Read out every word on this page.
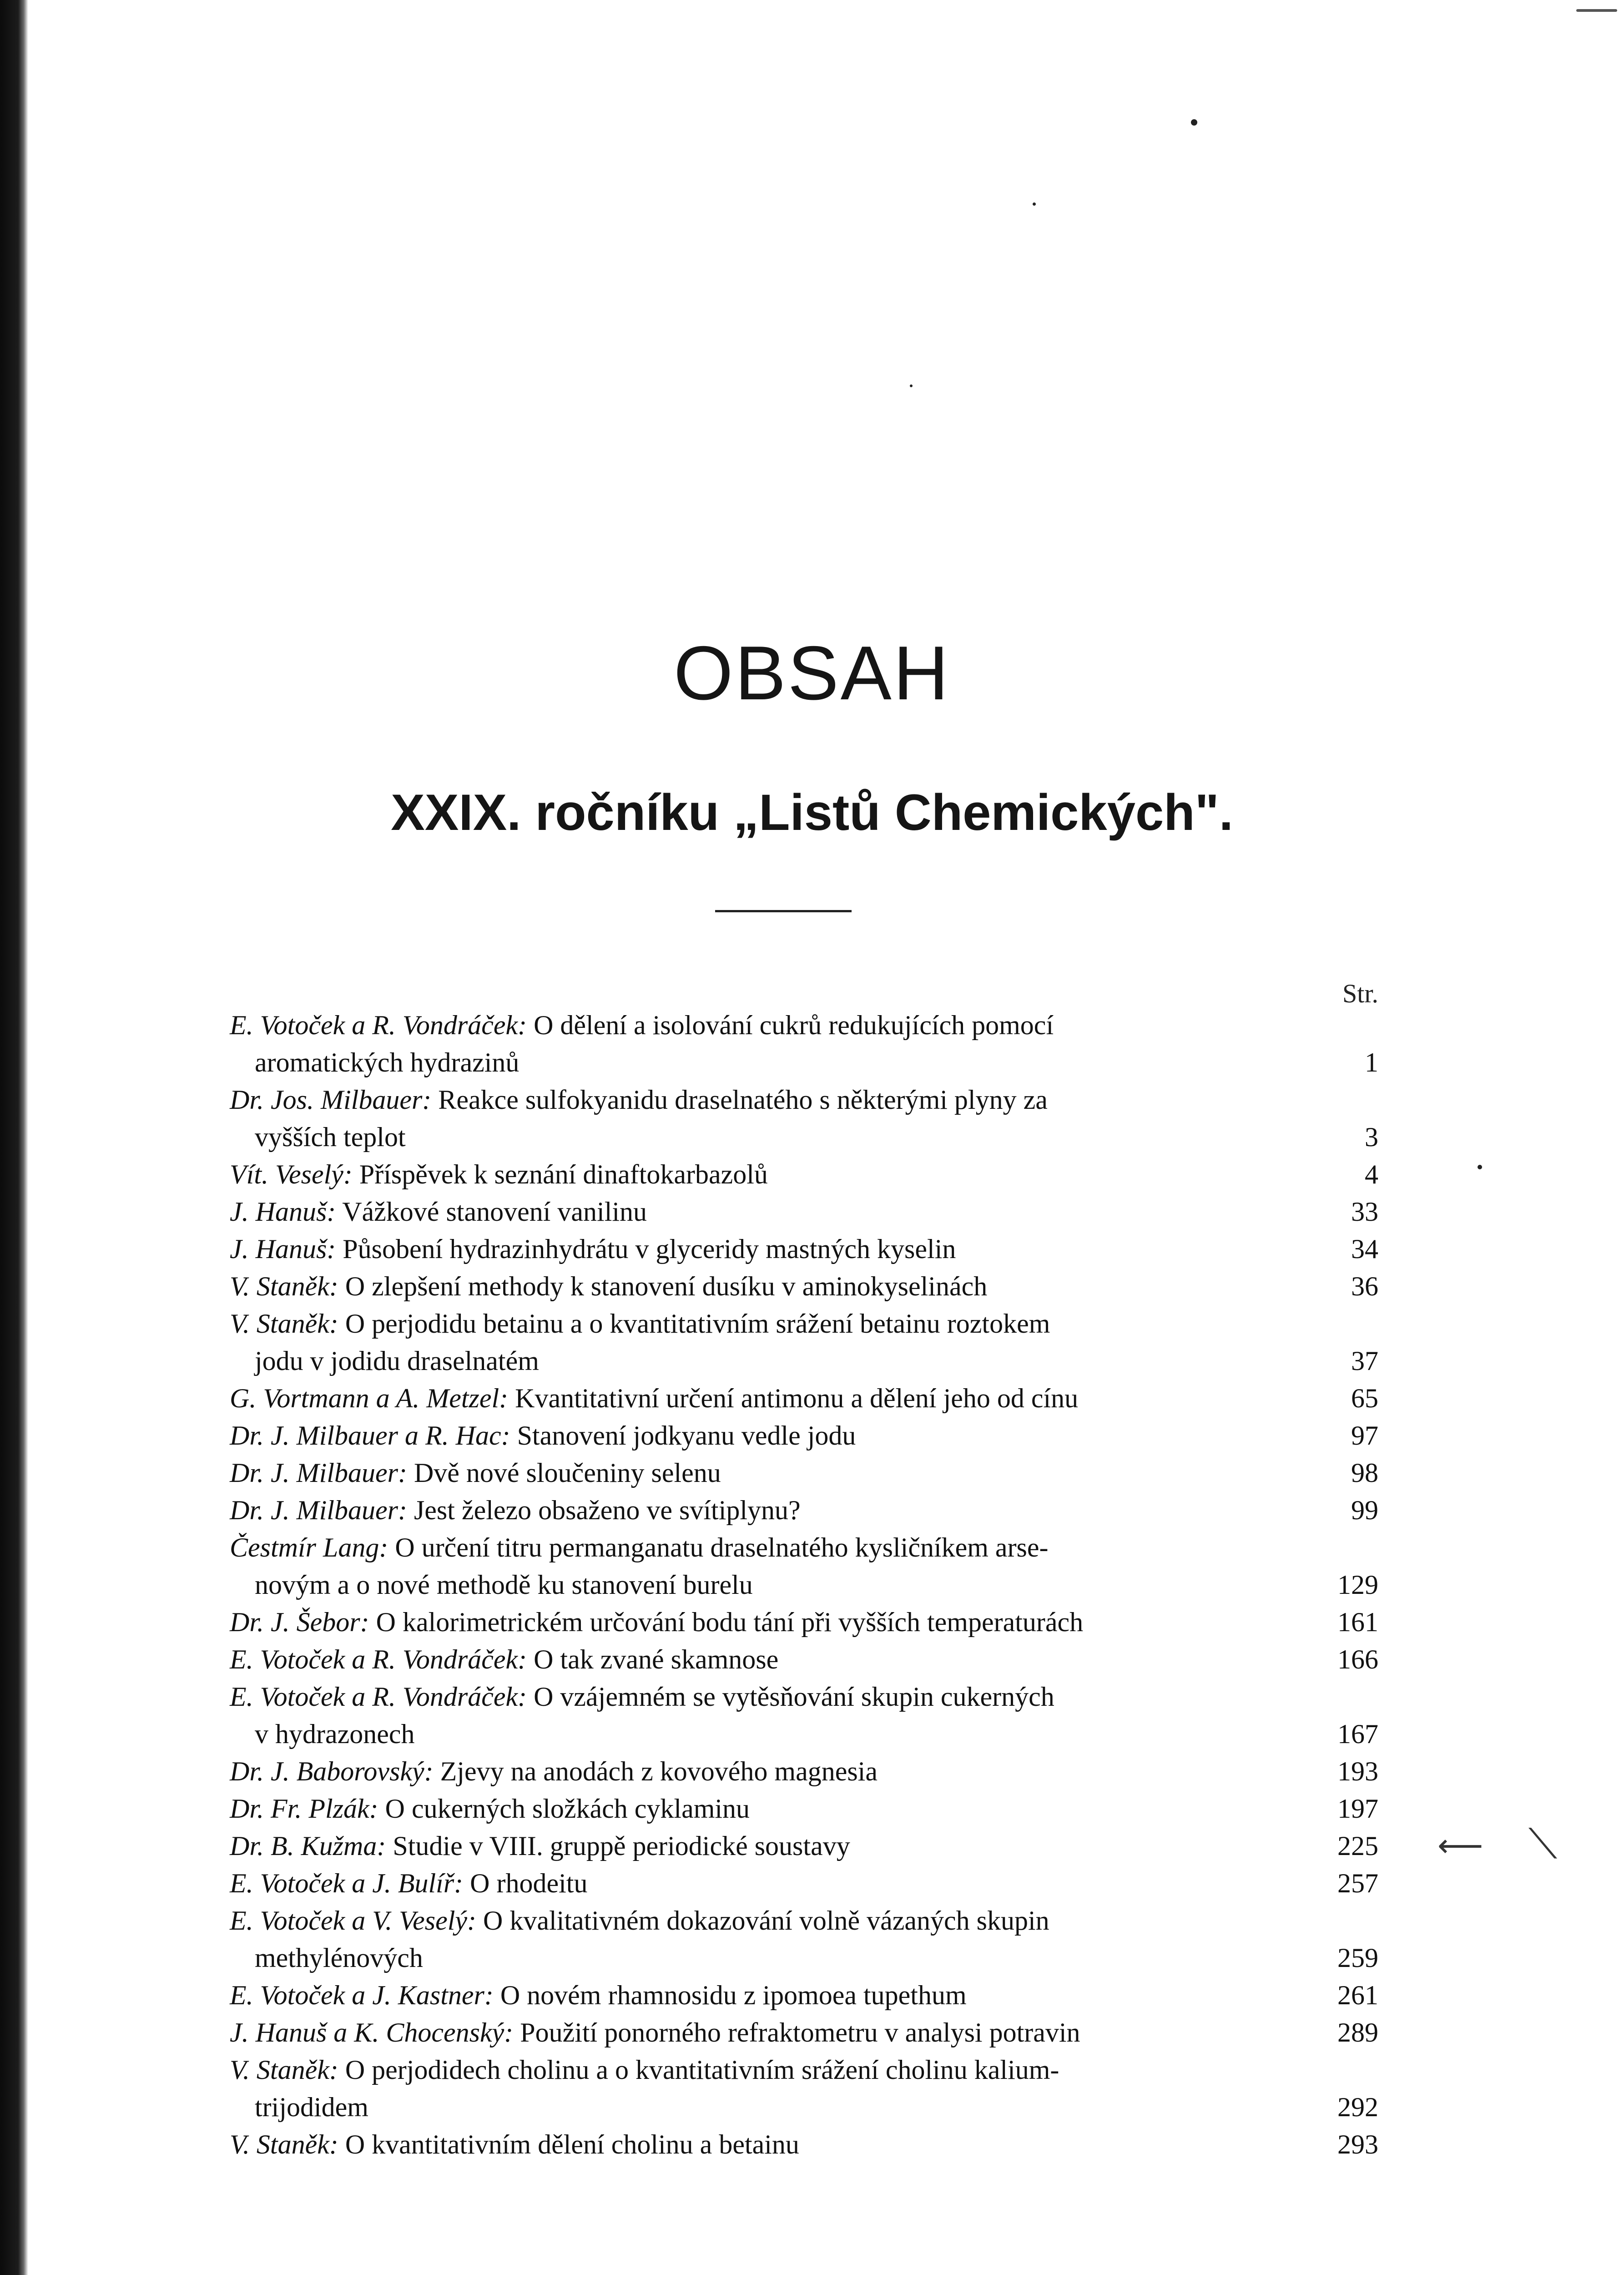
⟵ ⟍
OBSAH
XXIX. ročníku „Listů Chemických".
Str.
E. Votoček a R. Vondráček: O dělení a isolování cukrů redukujících pomocí
aromatických hydrazinů	1
Dr. Jos. Milbauer: Reakce sulfokyanidu draselnatého s některými plyny za
vyšších teplot	3
Vít. Veselý: Příspěvek k seznání dinaftokarbazolů	4
J. Hanuš: Vážkové stanovení vanilinu	33
J. Hanuš: Působení hydrazinhydrátu v glyceridy mastných kyselin	34
V. Staněk: O zlepšení methody k stanovení dusíku v aminokyselinách	36
V. Staněk: O perjodidu betainu a o kvantitativním srážení betainu roztokem
jodu v jodidu draselnatém	37
G. Vortmann a A. Metzel: Kvantitativní určení antimonu a dělení jeho od cínu	65
Dr. J. Milbauer a R. Hac: Stanovení jodkyanu vedle jodu	97
Dr. J. Milbauer: Dvě nové sloučeniny selenu	98
Dr. J. Milbauer: Jest železo obsaženo ve svítiplynu?	99
Čestmír Lang: O určení titru permanganatu draselnatého kysličníkem arse-
novým a o nové methodě ku stanovení burelu	129
Dr. J. Šebor: O kalorimetrickém určování bodu tání při vyšších temperaturách	161
E. Votoček a R. Vondráček: O tak zvané skamnose	166
E. Votoček a R. Vondráček: O vzájemném se vytěsňování skupin cukerných
v hydrazonech	167
Dr. J. Baborovský: Zjevy na anodách z kovového magnesia	193
Dr. Fr. Plzák: O cukerných složkách cyklaminu	197
Dr. B. Kužma: Studie v VIII. gruppě periodické soustavy	225
E. Votoček a J. Bulíř: O rhodeitu	257
E. Votoček a V. Veselý: O kvalitativném dokazování volně vázaných skupin
methylénových	259
E. Votoček a J. Kastner: O novém rhamnosidu z ipomoea tupethum	261
J. Hanuš a K. Chocenský: Použití ponorného refraktometru v analysi potravin	289
V. Staněk: O perjodidech cholinu a o kvantitativním srážení cholinu kalium-
trijodidem	292
V. Staněk: O kvantitativním dělení cholinu a betainu	293
